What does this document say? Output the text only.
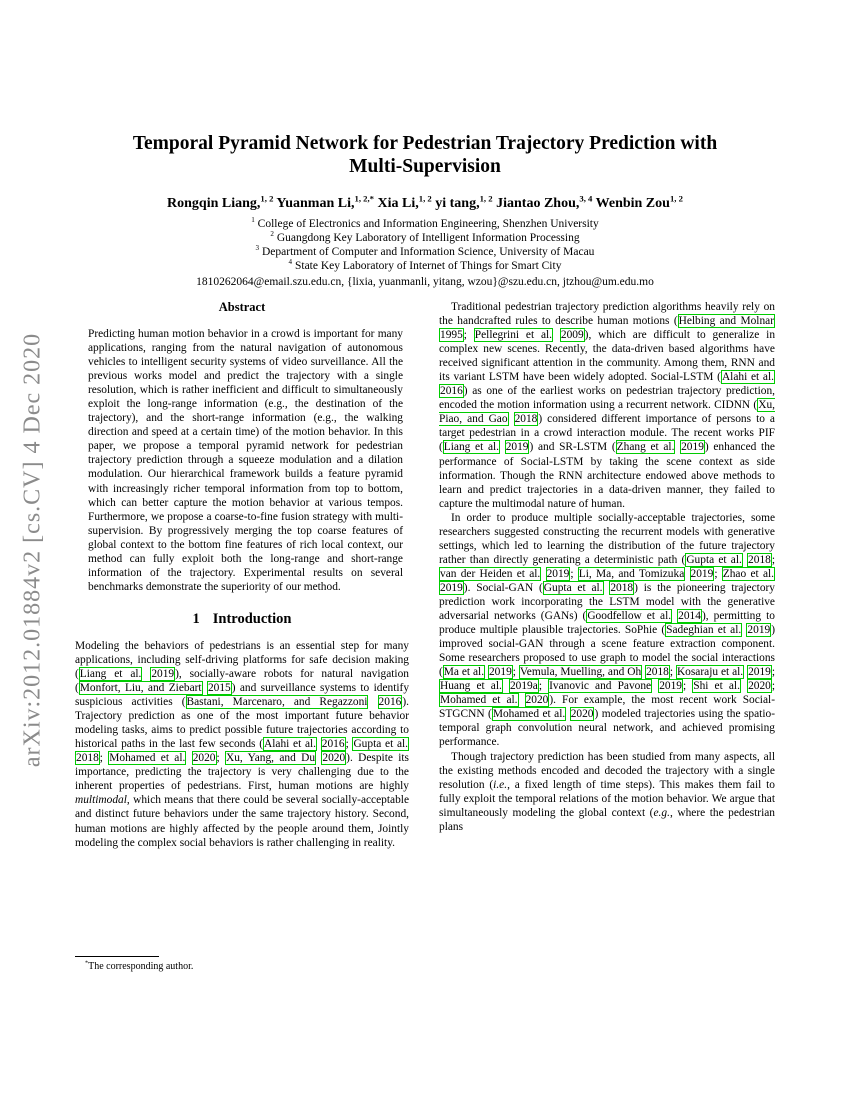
arXiv:2012.01884v2 [cs.CV] 4 Dec 2020
Temporal Pyramid Network for Pedestrian Trajectory Prediction with Multi-Supervision
Rongqin Liang,$^{1, 2}$ Yuanman Li,$^{1, 2,*}$ Xia Li,$^{1, 2}$ yi tang,$^{1, 2}$ Jiantao Zhou,$^{3, 4}$ Wenbin Zou$^{1, 2}$
$^1$ College of Electronics and Information Engineering, Shenzhen University
$^2$ Guangdong Key Laboratory of Intelligent Information Processing
$^3$ Department of Computer and Information Science, University of Macau
$^4$ State Key Laboratory of Internet of Things for Smart City
1810262064@email.szu.edu.cn, {lixia, yuanmanli, yitang, wzou}@szu.edu.cn, jtzhou@um.edu.mo
Abstract

Predicting human motion behavior in a crowd is important for many applications, ranging from the natural navigation of autonomous vehicles to intelligent security systems of video surveillance. All the previous works model and predict the trajectory with a single resolution, which is rather inefficient and difficult to simultaneously exploit the long-range information (e.g., the destination of the trajectory), and the short-range information (e.g., the walking direction and speed at a certain time) of the motion behavior. In this paper, we propose a temporal pyramid network for pedestrian trajectory prediction through a squeeze modulation and a dilation modulation. Our hierarchical framework builds a feature pyramid with increasingly richer temporal information from top to bottom, which can better capture the motion behavior at various tempos. Furthermore, we propose a coarse-to-fine fusion strategy with multi-supervision. By progressively merging the top coarse features of global context to the bottom fine features of rich local context, our method can fully exploit both the long-range and short-range information of the trajectory. Experimental results on several benchmarks demonstrate the superiority of our method.

1 Introduction

Modeling the behaviors of pedestrians is an essential step for many applications, including self-driving platforms for safe decision making (Liang et al. 2019), socially-aware robots for natural navigation (Monfort, Liu, and Ziebart 2015) and surveillance systems to identify suspicious activities (Bastani, Marcenaro, and Regazzoni 2016). Trajectory prediction as one of the most important future behavior modeling tasks, aims to predict possible future trajectories according to historical paths in the last few seconds (Alahi et al. 2016; Gupta et al. 2018; Mohamed et al. 2020; Xu, Yang, and Du 2020). Despite its importance, predicting the trajectory is very challenging due to the inherent properties of pedestrians. First, human motions are highly multimodal, which means that there could be several socially-acceptable and distinct future behaviors under the same trajectory history. Second, human motions are highly affected by the people around them, Jointly modeling the complex social behaviors is rather challenging in reality.

Traditional pedestrian trajectory prediction algorithms heavily rely on the handcrafted rules to describe human motions (Helbing and Molnar 1995; Pellegrini et al. 2009), which are difficult to generalize in complex new scenes. Recently, the data-driven based algorithms have received significant attention in the community. Among them, RNN and its variant LSTM have been widely adopted. Social-LSTM (Alahi et al. 2016) as one of the earliest works on pedestrian trajectory prediction, encoded the motion information using a recurrent network. CIDNN (Xu, Piao, and Gao 2018) considered different importance of persons to a target pedestrian in a crowd interaction module. The recent works PIF (Liang et al. 2019) and SR-LSTM (Zhang et al. 2019) enhanced the performance of Social-LSTM by taking the scene context as side information. Though the RNN architecture endowed above methods to learn and predict trajectories in a data-driven manner, they failed to capture the multimodal nature of human.

In order to produce multiple socially-acceptable trajectories, some researchers suggested constructing the recurrent models with generative settings, which led to learning the distribution of the future trajectory rather than directly generating a deterministic path (Gupta et al. 2018; van der Heiden et al. 2019; Li, Ma, and Tomizuka 2019; Zhao et al. 2019). Social-GAN (Gupta et al. 2018) is the pioneering trajectory prediction work incorporating the LSTM model with the generative adversarial networks (GANs) (Goodfellow et al. 2014), permitting to produce multiple plausible trajectories. SoPhie (Sadeghian et al. 2019) improved social-GAN through a scene feature extraction component. Some researchers proposed to use graph to model the social interactions (Ma et al. 2019; Vemula, Muelling, and Oh 2018; Kosaraju et al. 2019; Huang et al. 2019a; Ivanovic and Pavone 2019; Shi et al. 2020; Mohamed et al. 2020). For example, the most recent work Social-STGCNN (Mohamed et al. 2020) modeled trajectories using the spatio-temporal graph convolution neural network, and achieved promising performance.

Though trajectory prediction has been studied from many aspects, all the existing methods encoded and decoded the trajectory with a single resolution (i.e., a fixed length of time steps). This makes them fail to fully exploit the temporal relations of the motion behavior. We argue that simultaneously modeling the global context (e.g., where the pedestrian plans

*The corresponding author.
